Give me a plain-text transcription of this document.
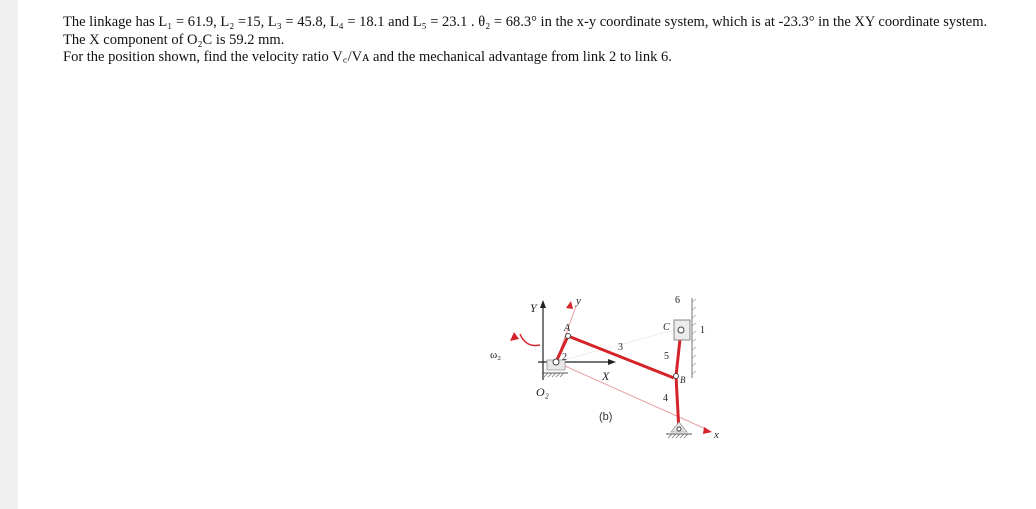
The linkage has L₁ = 61.9, L₂ =15, L₃ = 45.8, L₄ = 18.1 and L₅ = 23.1 . θ₂ = 68.3° in the x-y coordinate system, which is at -23.3° in the XY coordinate system.

The X component of O₂C is 59.2 mm.

For the position shown, find the velocity ratio V꜀/Vᴀ and the mechanical advantage from link 2 to link 6.

Y
X
y
x
ω₂
O₂
A
2
3
4
5
6
1
C
B
(b)
